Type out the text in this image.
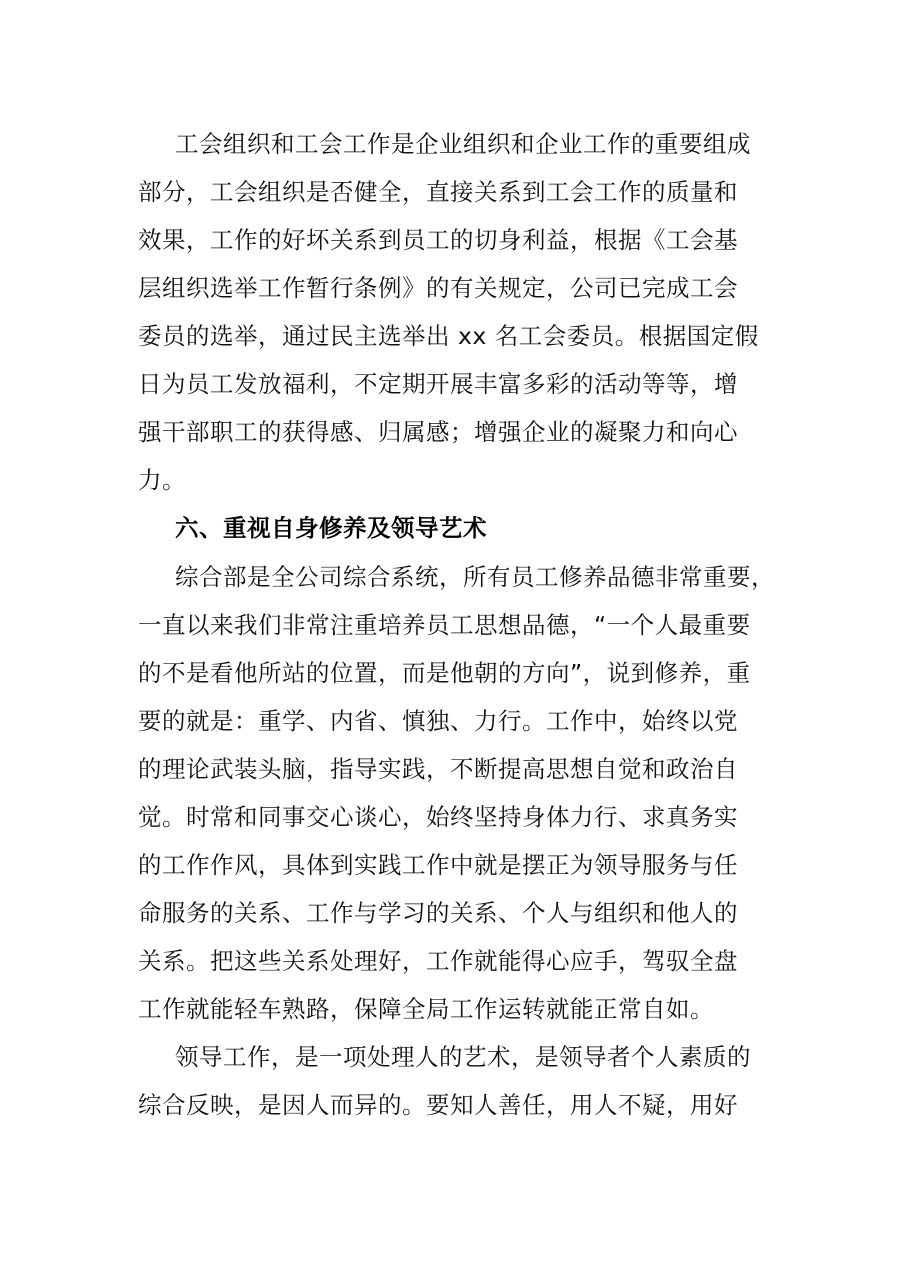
工会组织和工会工作是企业组织和企业工作的重要组成
部分，工会组织是否健全，直接关系到工会工作的质量和
效果，工作的好坏关系到员工的切身利益，根据《工会基
层组织选举工作暂行条例》的有关规定，公司已完成工会
委员的选举，通过民主选举出 xx 名工会委员。根据国定假
日为员工发放福利，不定期开展丰富多彩的活动等等，增
强干部职工的获得感、归属感；增强企业的凝聚力和向心
力。
六、重视自身修养及领导艺术
综合部是全公司综合系统，所有员工修养品德非常重要，
一直以来我们非常注重培养员工思想品德，“一个人最重要
的不是看他所站的位置，而是他朝的方向”，说到修养，重
要的就是：重学、内省、慎独、力行。工作中，始终以党
的理论武装头脑，指导实践，不断提高思想自觉和政治自
觉。时常和同事交心谈心，始终坚持身体力行、求真务实
的工作作风，具体到实践工作中就是摆正为领导服务与任
命服务的关系、工作与学习的关系、个人与组织和他人的
关系。把这些关系处理好，工作就能得心应手，驾驭全盘
工作就能轻车熟路，保障全局工作运转就能正常自如。
领导工作，是一项处理人的艺术，是领导者个人素质的
综合反映，是因人而异的。要知人善任，用人不疑，用好
